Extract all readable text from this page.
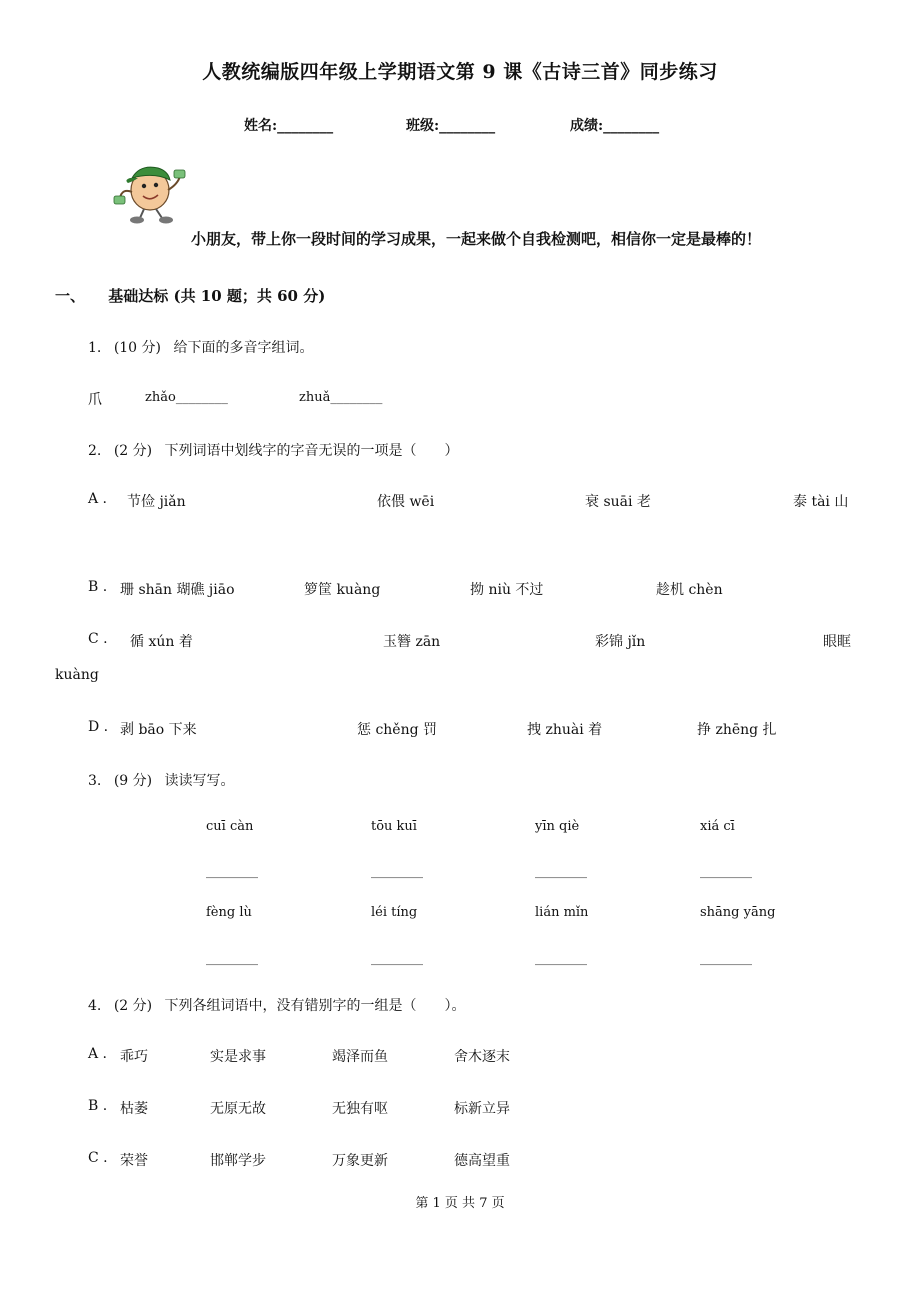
人教统编版四年级上学期语文第 9 课《古诗三首》同步练习
姓名:________	班级:________	成绩:________
小朋友，带上你一段时间的学习成果，一起来做个自我检测吧，相信你一定是最棒的！
一、 基础达标 (共 10 题；共 60 分)
1. (10 分) 给下面的多音字组词。
爪	zhǎo________	zhuǎ________
2. (2 分) 下列词语中划线字的字音无误的一项是（　　）
A . 节俭 jiǎn	依偎 wēi	衰 suāi 老	泰 tài 山
B . 珊 shān 瑚礁 jiāo	箩筐 kuàng	拗 niù 不过	趁机 chèn
C . 循 xún 着	玉簪 zān	彩锦 jǐn	眼眶
kuàng
D . 剥 bāo 下来	惩 chěng 罚	拽 zhuài 着	挣 zhēng 扎
3. (9 分) 读读写写。
cuī càn	tōu kuī	yīn qiè	xiá cī
________	________	________	________
fèng lù	léi tíng	lián mǐn	shāng yāng
________	________	________	________
4. (2 分) 下列各组词语中，没有错别字的一组是（　　）。
A . 乖巧	实是求事	竭泽而鱼	舍木逐末
B . 枯萎	无原无故	无独有呕	标新立异
C . 荣誉	邯郸学步	万象更新	德高望重
第 1 页 共 7 页
